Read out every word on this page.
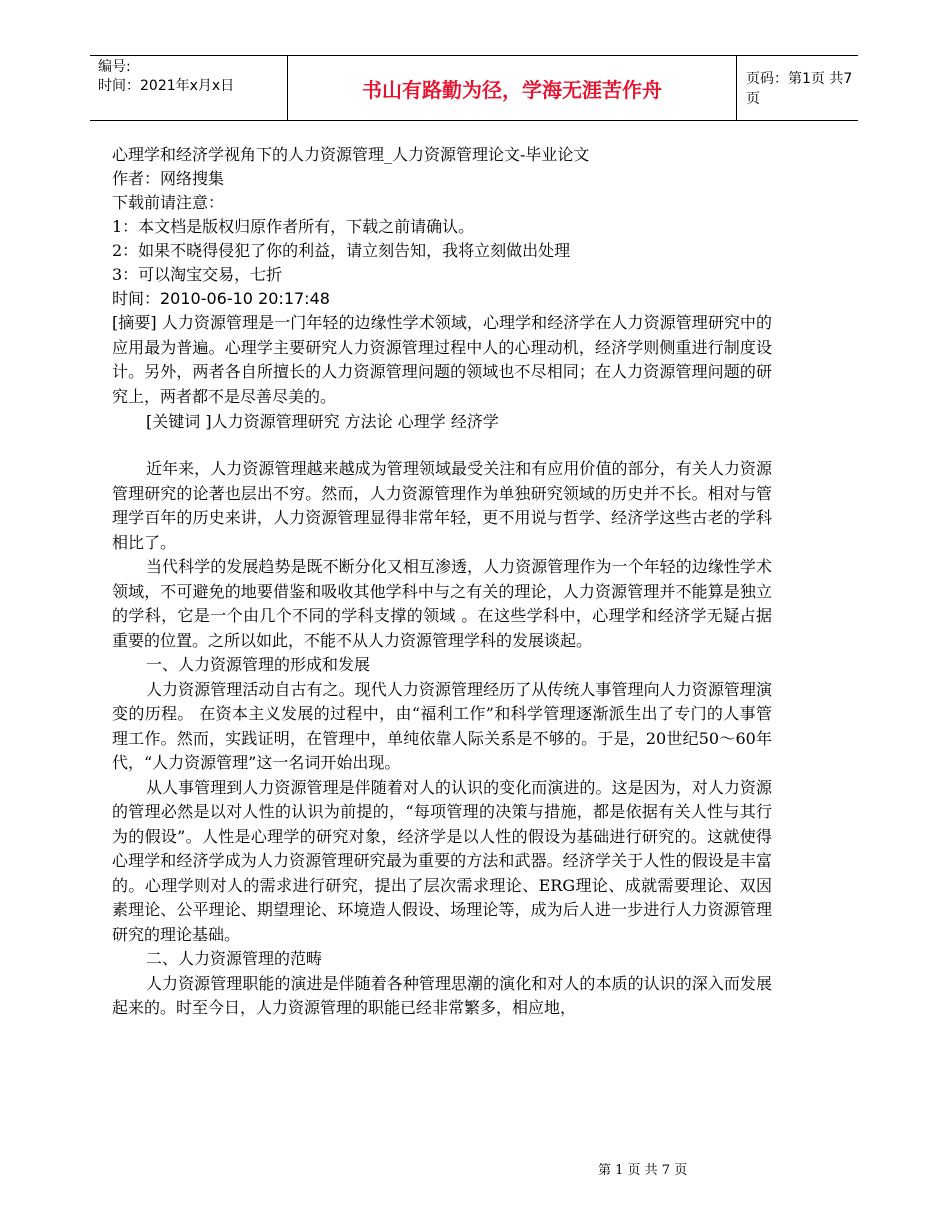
编号:
时间：2021年x月x日	书山有路勤为径，学海无涯苦作舟	页码：第1页 共7页
心理学和经济学视角下的人力资源管理_人力资源管理论文-毕业论文
作者：网络搜集
下载前请注意：
1：本文档是版权归原作者所有，下载之前请确认。
2：如果不晓得侵犯了你的利益，请立刻告知，我将立刻做出处理
3：可以淘宝交易，七折
时间：2010-06-10 20:17:48

[摘要] 人力资源管理是一门年轻的边缘性学术领域，心理学和经济学在人力资源管理研究中的应用最为普遍。心理学主要研究人力资源管理过程中人的心理动机，经济学则侧重进行制度设计。另外，两者各自所擅长的人力资源管理问题的领域也不尽相同；在人力资源管理问题的研究上，两者都不是尽善尽美的。

[关键词 ]人力资源管理研究 方法论 心理学 经济学

近年来，人力资源管理越来越成为管理领域最受关注和有应用价值的部分，有关人力资源管理研究的论著也层出不穷。然而，人力资源管理作为单独研究领域的历史并不长。相对与管理学百年的历史来讲，人力资源管理显得非常年轻，更不用说与哲学、经济学这些古老的学科相比了。

当代科学的发展趋势是既不断分化又相互渗透，人力资源管理作为一个年轻的边缘性学术领域，不可避免的地要借鉴和吸收其他学科中与之有关的理论，人力资源管理并不能算是独立的学科，它是一个由几个不同的学科支撑的领域 。在这些学科中，心理学和经济学无疑占据重要的位置。之所以如此，不能不从人力资源管理学科的发展谈起。

一、人力资源管理的形成和发展

人力资源管理活动自古有之。现代人力资源管理经历了从传统人事管理向人力资源管理演变的历程。 在资本主义发展的过程中，由“福利工作”和科学管理逐渐派生出了专门的人事管理工作。然而，实践证明，在管理中，单纯依靠人际关系是不够的。于是，20世纪50～60年代，“人力资源管理”这一名词开始出现。

从人事管理到人力资源管理是伴随着对人的认识的变化而演进的。这是因为，对人力资源的管理必然是以对人性的认识为前提的，“每项管理的决策与措施，都是依据有关人性与其行为的假设”。人性是心理学的研究对象，经济学是以人性的假设为基础进行研究的。这就使得心理学和经济学成为人力资源管理研究最为重要的方法和武器。经济学关于人性的假设是丰富的。心理学则对人的需求进行研究，提出了层次需求理论、ERG理论、成就需要理论、双因素理论、公平理论、期望理论、环境造人假设、场理论等，成为后人进一步进行人力资源管理研究的理论基础。

二、人力资源管理的范畴

人力资源管理职能的演进是伴随着各种管理思潮的演化和对人的本质的认识的深入而发展起来的。时至今日，人力资源管理的职能已经非常繁多，相应地，

第 1 页 共 7 页
